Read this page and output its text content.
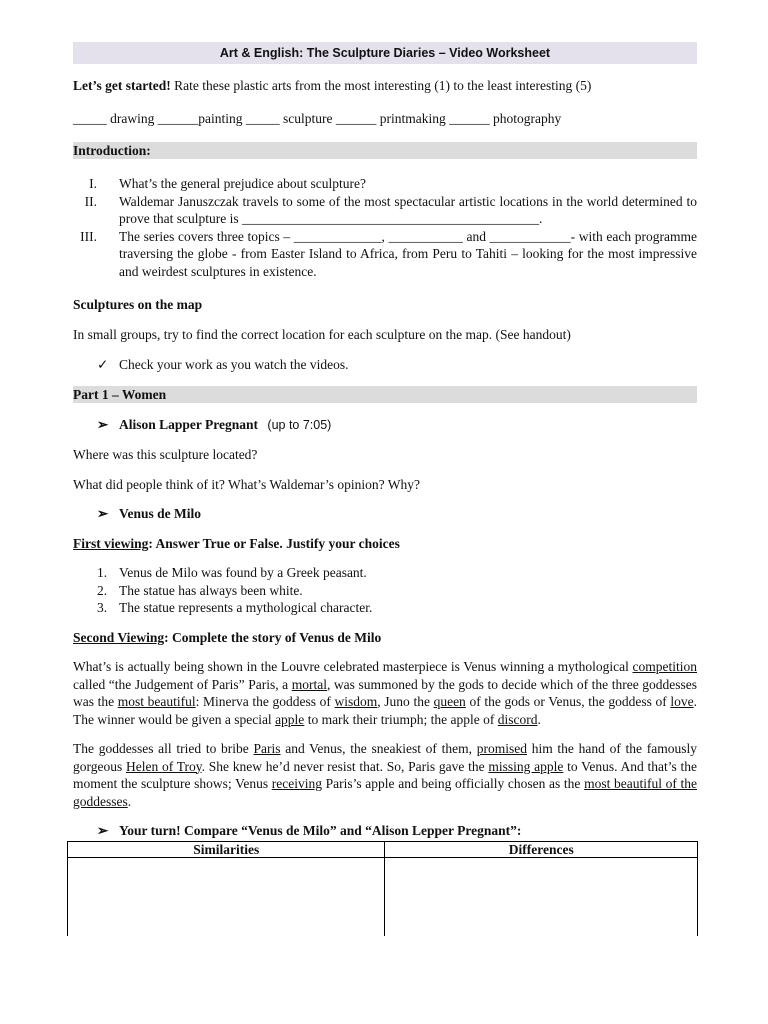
Art & English: The Sculpture Diaries – Video Worksheet

Let’s get started! Rate these plastic arts from the most interesting (1) to the least interesting (5)

_____ drawing ______painting _____ sculpture ______ printmaking ______ photography

Introduction:
I. What’s the general prejudice about sculpture?
II. Waldemar Januszczak travels to some of the most spectacular artistic locations in the world determined to prove that sculpture is ____________________________________________.
III. The series covers three topics – _____________, ___________ and ____________- with each programme traversing the globe - from Easter Island to Africa, from Peru to Tahiti – looking for the most impressive and weirdest sculptures in existence.

Sculptures on the map

In small groups, try to find the correct location for each sculpture on the map. (See handout)

✓ Check your work as you watch the videos.
Part 1 – Women
➢ Alison Lapper Pregnant (up to 7:05)

Where was this sculpture located?

What did people think of it? What’s Waldemar’s opinion? Why?

➢ Venus de Milo

First viewing: Answer True or False. Justify your choices

1. Venus de Milo was found by a Greek peasant.
2. The statue has always been white.
3. The statue represents a mythological character.

Second Viewing: Complete the story of Venus de Milo

What’s is actually being shown in the Louvre celebrated masterpiece is Venus winning a mythological competition called “the Judgement of Paris” Paris, a mortal, was summoned by the gods to decide which of the three goddesses was the most beautiful: Minerva the goddess of wisdom, Juno the queen of the gods or Venus, the goddess of love. The winner would be given a special apple to mark their triumph; the apple of discord.

The goddesses all tried to bribe Paris and Venus, the sneakiest of them, promised him the hand of the famously gorgeous Helen of Troy. She knew he’d never resist that. So, Paris gave the missing apple to Venus. And that’s the moment the sculpture shows; Venus receiving Paris’s apple and being officially chosen as the most beautiful of the goddesses.

➢ Your turn! Compare “Venus de Milo” and “Alison Lepper Pregnant”:
Similarities	Differences
